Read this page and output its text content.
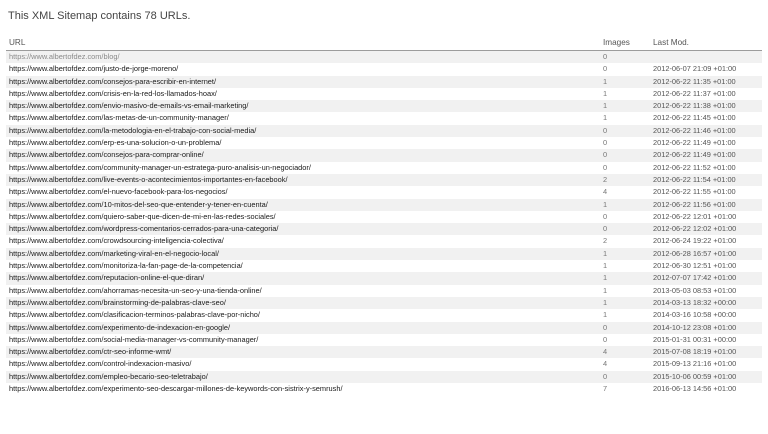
This XML Sitemap contains 78 URLs.

URL	Images	Last Mod.
https://www.albertofdez.com/blog/	0	
https://www.albertofdez.com/justo-de-jorge-moreno/	0	2012-06-07 21:09 +01:00
https://www.albertofdez.com/consejos-para-escribir-en-internet/	1	2012-06-22 11:35 +01:00
https://www.albertofdez.com/crisis-en-la-red-los-llamados-hoax/	1	2012-06-22 11:37 +01:00
https://www.albertofdez.com/envio-masivo-de-emails-vs-email-marketing/	1	2012-06-22 11:38 +01:00
https://www.albertofdez.com/las-metas-de-un-community-manager/	1	2012-06-22 11:45 +01:00
https://www.albertofdez.com/la-metodologia-en-el-trabajo-con-social-media/	0	2012-06-22 11:46 +01:00
https://www.albertofdez.com/erp-es-una-solucion-o-un-problema/	0	2012-06-22 11:49 +01:00
https://www.albertofdez.com/consejos-para-comprar-online/	0	2012-06-22 11:49 +01:00
https://www.albertofdez.com/community-manager-un-estratega-puro-analisis-un-negociador/	0	2012-06-22 11:52 +01:00
https://www.albertofdez.com/live-events-o-acontecimientos-importantes-en-facebook/	2	2012-06-22 11:54 +01:00
https://www.albertofdez.com/el-nuevo-facebook-para-los-negocios/	4	2012-06-22 11:55 +01:00
https://www.albertofdez.com/10-mitos-del-seo-que-entender-y-tener-en-cuenta/	1	2012-06-22 11:56 +01:00
https://www.albertofdez.com/quiero-saber-que-dicen-de-mi-en-las-redes-sociales/	0	2012-06-22 12:01 +01:00
https://www.albertofdez.com/wordpress-comentarios-cerrados-para-una-categoria/	0	2012-06-22 12:02 +01:00
https://www.albertofdez.com/crowdsourcing-inteligencia-colectiva/	2	2012-06-24 19:22 +01:00
https://www.albertofdez.com/marketing-viral-en-el-negocio-local/	1	2012-06-28 16:57 +01:00
https://www.albertofdez.com/monitoriza-la-fan-page-de-la-competencia/	1	2012-06-30 12:51 +01:00
https://www.albertofdez.com/reputacion-online-el-que-diran/	1	2012-07-07 17:42 +01:00
https://www.albertofdez.com/ahorramas-necesita-un-seo-y-una-tienda-online/	1	2013-05-03 08:53 +01:00
https://www.albertofdez.com/brainstorming-de-palabras-clave-seo/	1	2014-03-13 18:32 +00:00
https://www.albertofdez.com/clasificacion-terminos-palabras-clave-por-nicho/	1	2014-03-16 10:58 +00:00
https://www.albertofdez.com/experimento-de-indexacion-en-google/	0	2014-10-12 23:08 +01:00
https://www.albertofdez.com/social-media-manager-vs-community-manager/	0	2015-01-31 00:31 +00:00
https://www.albertofdez.com/ctr-seo-informe-wmt/	4	2015-07-08 18:19 +01:00
https://www.albertofdez.com/control-indexacion-masivo/	4	2015-09-13 21:16 +01:00
https://www.albertofdez.com/empleo-becario-seo-teletrabajo/	0	2015-10-06 00:59 +01:00
https://www.albertofdez.com/experimento-seo-descargar-millones-de-keywords-con-sistrix-y-semrush/	7	2016-06-13 14:56 +01:00
